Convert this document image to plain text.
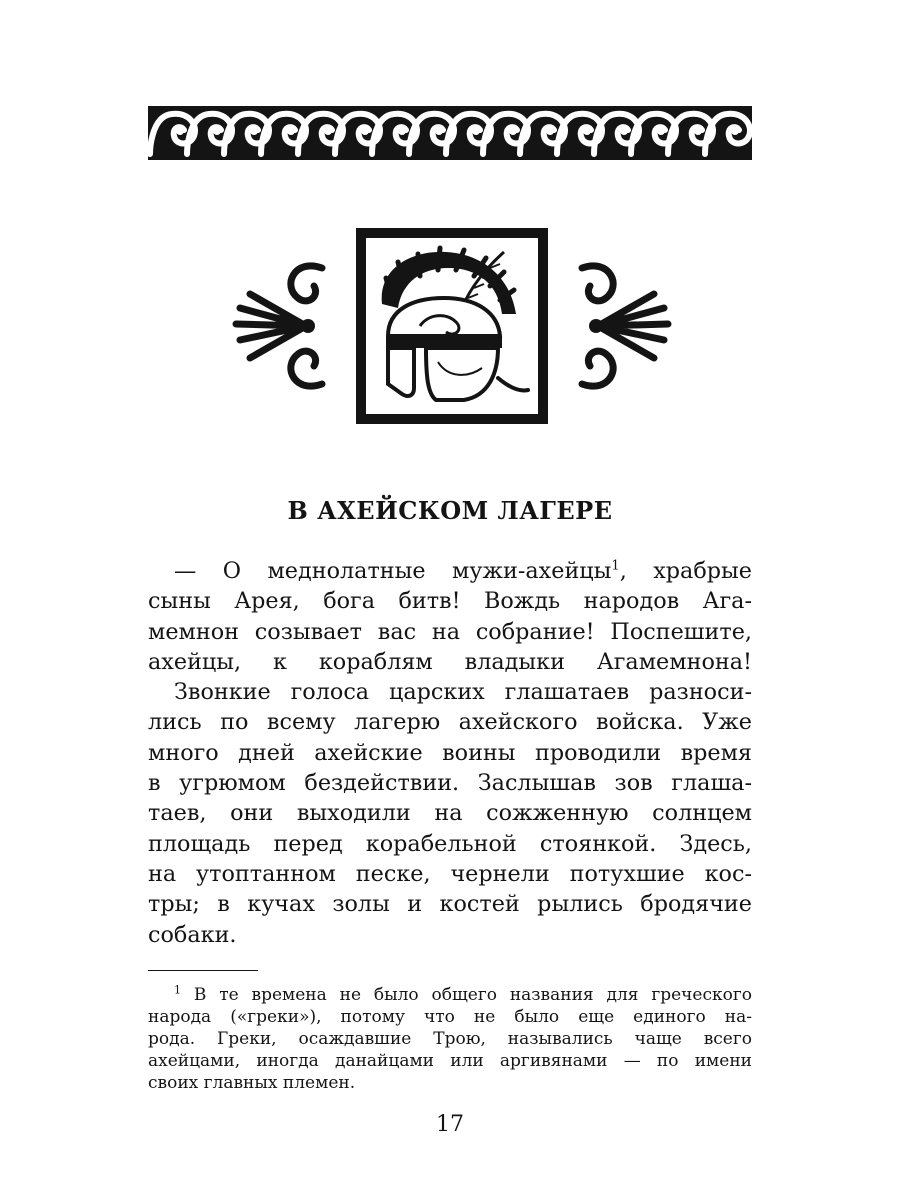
В АХЕЙСКОМ ЛАГЕРЕ
— О меднолатные мужи-ахейцы$^1$, храбрые
сыны Арея, бога битв! Вождь народов Ага-
мемнон созывает вас на собрание! Поспешите,
ахейцы, к кораблям владыки Агамемнона!
Звонкие голоса царских глашатаев разноси-
лись по всему лагерю ахейского войска. Уже
много дней ахейские воины проводили время
в угрюмом бездействии. Заслышав зов глаша-
таев, они выходили на сожженную солнцем
площадь перед корабельной стоянкой. Здесь,
на утоптанном песке, чернели потухшие кос-
тры; в кучах золы и костей рылись бродячие
собаки.
$^1$ В те времена не было общего названия для греческого
народа («греки»), потому что не было еще единого на-
рода. Греки, осаждавшие Трою, назывались чаще всего
ахейцами, иногда данайцами или аргивянами — по имени
своих главных племен.
17
